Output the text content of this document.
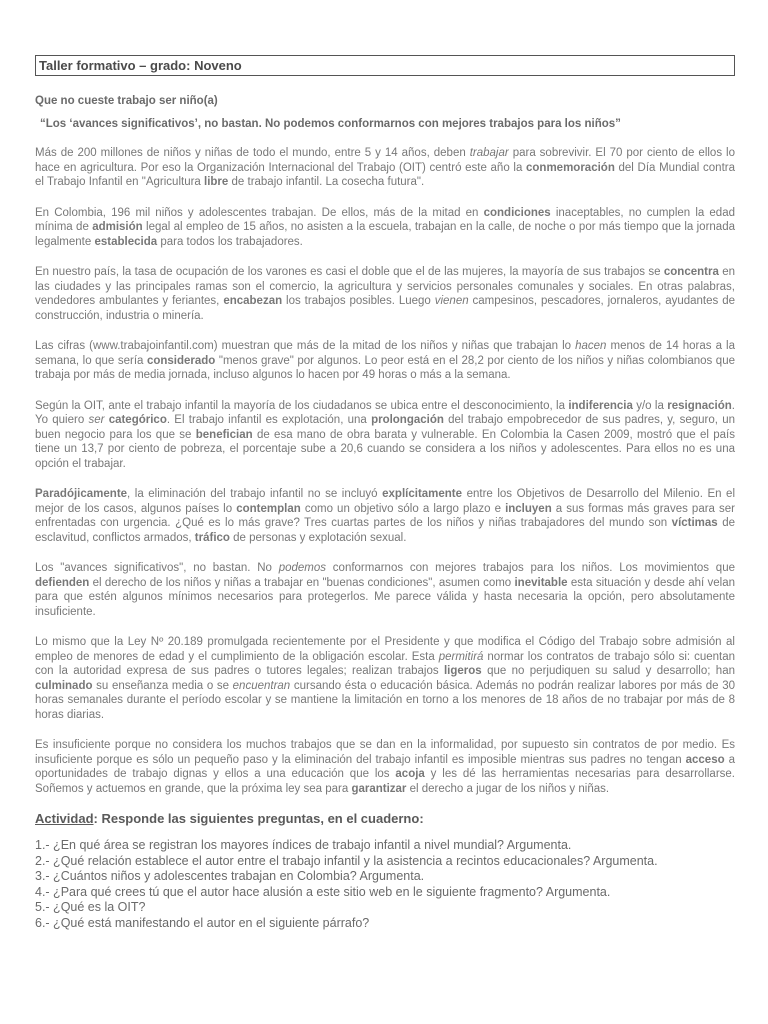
Taller formativo – grado: Noveno
Que no cueste trabajo ser niño(a)
“Los ‘avances significativos’, no bastan. No podemos conformarnos con mejores trabajos para los niños”
Más de 200 millones de niños y niñas de todo el mundo, entre 5 y 14 años, deben trabajar para sobrevivir. El 70 por ciento de ellos lo hace en agricultura. Por eso la Organización Internacional del Trabajo (OIT) centró este año la conmemoración del Día Mundial contra el Trabajo Infantil en "Agricultura libre de trabajo infantil. La cosecha futura".
En Colombia, 196 mil niños y adolescentes trabajan. De ellos, más de la mitad en condiciones inaceptables, no cumplen la edad mínima de admisión legal al empleo de 15 años, no asisten a la escuela, trabajan en la calle, de noche o por más tiempo que la jornada legalmente establecida para todos los trabajadores.
En nuestro país, la tasa de ocupación de los varones es casi el doble que el de las mujeres, la mayoría de sus trabajos se concentra en las ciudades y las principales ramas son el comercio, la agricultura y servicios personales comunales y sociales. En otras palabras, vendedores ambulantes y feriantes, encabezan los trabajos posibles. Luego vienen campesinos, pescadores, jornaleros, ayudantes de construcción, industria o minería.
Las cifras (www.trabajoinfantil.com) muestran que más de la mitad de los niños y niñas que trabajan lo hacen menos de 14 horas a la semana, lo que sería considerado "menos grave" por algunos. Lo peor está en el 28,2 por ciento de los niños y niñas colombianos que trabaja por más de media jornada, incluso algunos lo hacen por 49 horas o más a la semana.
Según la OIT, ante el trabajo infantil la mayoría de los ciudadanos se ubica entre el desconocimiento, la indiferencia y/o la resignación. Yo quiero ser categórico. El trabajo infantil es explotación, una prolongación del trabajo empobrecedor de sus padres, y, seguro, un buen negocio para los que se benefician de esa mano de obra barata y vulnerable. En Colombia la Casen 2009, mostró que el país tiene un 13,7 por ciento de pobreza, el porcentaje sube a 20,6 cuando se considera a los niños y adolescentes. Para ellos no es una opción el trabajar.
Paradójicamente, la eliminación del trabajo infantil no se incluyó explícitamente entre los Objetivos de Desarrollo del Milenio. En el mejor de los casos, algunos países lo contemplan como un objetivo sólo a largo plazo e incluyen a sus formas más graves para ser enfrentadas con urgencia. ¿Qué es lo más grave? Tres cuartas partes de los niños y niñas trabajadores del mundo son víctimas de esclavitud, conflictos armados, tráfico de personas y explotación sexual.
Los "avances significativos", no bastan. No podemos conformarnos con mejores trabajos para los niños. Los movimientos que defienden el derecho de los niños y niñas a trabajar en "buenas condiciones", asumen como inevitable esta situación y desde ahí velan para que estén algunos mínimos necesarios para protegerlos. Me parece válida y hasta necesaria la opción, pero absolutamente insuficiente.
Lo mismo que la Ley Nº 20.189 promulgada recientemente por el Presidente y que modifica el Código del Trabajo sobre admisión al empleo de menores de edad y el cumplimiento de la obligación escolar. Esta permitirá normar los contratos de trabajo sólo si: cuentan con la autoridad expresa de sus padres o tutores legales; realizan trabajos ligeros que no perjudiquen su salud y desarrollo; han culminado su enseñanza media o se encuentran cursando ésta o educación básica. Además no podrán realizar labores por más de 30 horas semanales durante el período escolar y se mantiene la limitación en torno a los menores de 18 años de no trabajar por más de 8 horas diarias.
Es insuficiente porque no considera los muchos trabajos que se dan en la informalidad, por supuesto sin contratos de por medio. Es insuficiente porque es sólo un pequeño paso y la eliminación del trabajo infantil es imposible mientras sus padres no tengan acceso a oportunidades de trabajo dignas y ellos a una educación que los acoja y les dé las herramientas necesarias para desarrollarse. Soñemos y actuemos en grande, que la próxima ley sea para garantizar el derecho a jugar de los niños y niñas.
Actividad: Responde las siguientes preguntas, en el cuaderno:
1.- ¿En qué área se registran los mayores índices de trabajo infantil a nivel mundial? Argumenta.
2.- ¿Qué relación establece el autor entre el trabajo infantil y la asistencia a recintos educacionales? Argumenta.
3.- ¿Cuántos niños y adolescentes trabajan en Colombia? Argumenta.
4.- ¿Para qué crees tú que el autor hace alusión a este sitio web en le siguiente fragmento? Argumenta.
5.- ¿Qué es la OIT?
6.- ¿Qué está manifestando el autor en el siguiente párrafo?
